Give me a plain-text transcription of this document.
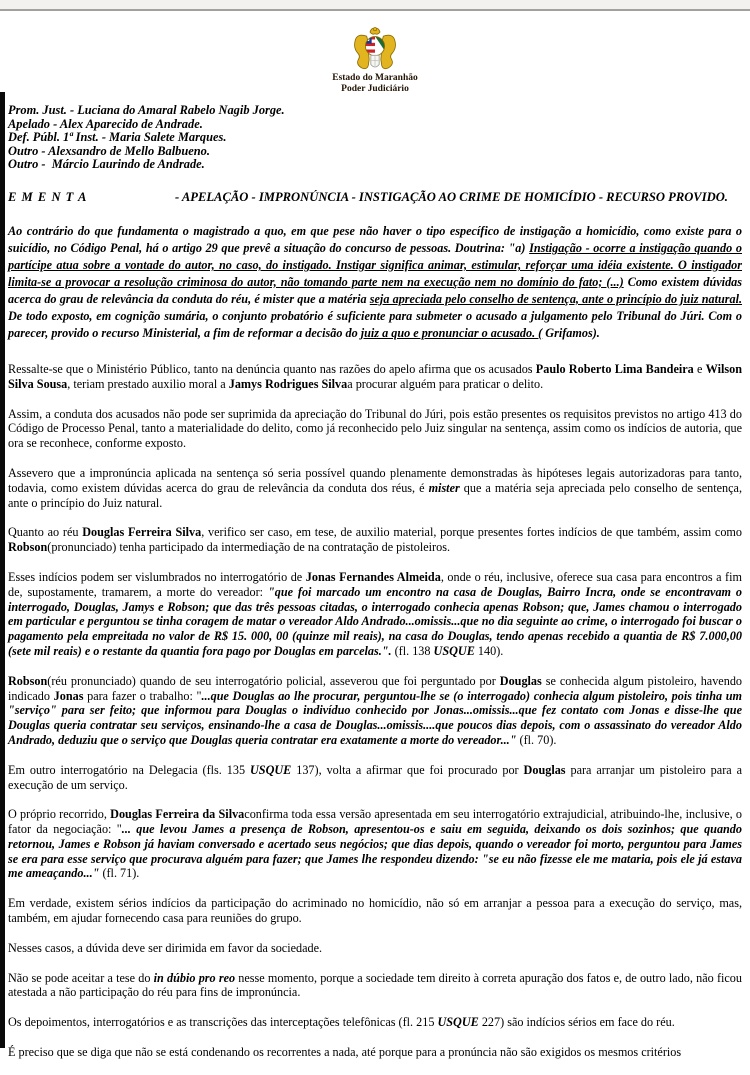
Estado do Maranhão
Poder Judiciário
Prom. Just. - Luciana do Amaral Rabelo Nagib Jorge.
Apelado - Alex Aparecido de Andrade.
Def. Públ. 1ª Inst. - Maria Salete Marques.
Outro - Alexsandro de Mello Balbueno.
Outro -  Márcio Laurindo de Andrade.
E M E N T A	- APELAÇÃO - IMPRONÚNCIA - INSTIGAÇÃO AO CRIME DE HOMICÍDIO - RECURSO PROVIDO.

Ao contrário do que fundamenta o magistrado a quo, em que pese não haver o tipo específico de instigação a homicídio, como existe para o suicídio, no Código Penal, há o artigo 29 que prevê a situação do concurso de pessoas. Doutrina: "a) Instigação - ocorre a instigação quando o partícipe atua sobre a vontade do autor, no caso, do instigado. Instigar significa animar, estimular, reforçar uma idéia existente. O instigador limita-se a provocar a resolução criminosa do autor, não tomando parte nem na execução nem no domínio do fato; (...) Como existem dúvidas acerca do grau de relevância da conduta do réu, é mister que a matéria seja apreciada pelo conselho de sentença, ante o princípio do juiz natural. De todo exposto, em cognição sumária, o conjunto probatório é suficiente para submeter o acusado a julgamento pelo Tribunal do Júri. Com o parecer, provido o recurso Ministerial, a fim de reformar a decisão do juiz a quo e pronunciar o acusado. ( Grifamos).

Ressalte-se que o Ministério Público, tanto na denúncia quanto nas razões do apelo afirma que os acusados Paulo Roberto Lima Bandeira e Wilson Silva Sousa, teriam prestado auxilio moral a Jamys Rodrigues Silvaa procurar alguém para praticar o delito.

Assim, a conduta dos acusados não pode ser suprimida da apreciação do Tribunal do Júri, pois estão presentes os requisitos previstos no artigo 413 do Código de Processo Penal, tanto a materialidade do delito, como já reconhecido pelo Juiz singular na sentença, assim como os indícios de autoria, que ora se reconhece, conforme exposto.

Assevero que a impronúncia aplicada na sentença só seria possível quando plenamente demonstradas às hipóteses legais autorizadoras para tanto, todavia, como existem dúvidas acerca do grau de relevância da conduta dos réus, é mister que a matéria seja apreciada pelo conselho de sentença, ante o princípio do Juiz natural.

Quanto ao réu Douglas Ferreira Silva, verifico ser caso, em tese, de auxilio material, porque presentes fortes indícios de que também, assim como Robson(pronunciado) tenha participado da intermediação de na contratação de pistoleiros.

Esses indícios podem ser vislumbrados no interrogatório de Jonas Fernandes Almeida, onde o réu, inclusive, oferece sua casa para encontros a fim de, supostamente, tramarem, a morte do vereador: "que foi marcado um encontro na casa de Douglas, Bairro Incra, onde se encontravam o interrogado, Douglas, Jamys e Robson; que das três pessoas citadas, o interrogado conhecia apenas Robson; que, James chamou o interrogado em particular e perguntou se tinha coragem de matar o vereador Aldo Andrado...omissis...que no dia seguinte ao crime, o interrogado foi buscar o pagamento pela empreitada no valor de R$ 15. 000, 00 (quinze mil reais), na casa do Douglas, tendo apenas recebido a quantia de R$ 7.000,00 (sete mil reais) e o restante da quantia fora pago por Douglas em parcelas.". (fl. 138 USQUE 140).

Robson(réu pronunciado) quando de seu interrogatório policial, asseverou que foi perguntado por Douglas se conhecida algum pistoleiro, havendo indicado Jonas para fazer o trabalho: "...que Douglas ao lhe procurar, perguntou-lhe se (o interrogado) conhecia algum pistoleiro, pois tinha um "serviço" para ser feito; que informou para Douglas o indivíduo conhecido por Jonas...omissis...que fez contato com Jonas e disse-lhe que Douglas queria contratar seu serviços, ensinando-lhe a casa de Douglas...omissis....que poucos dias depois, com o assassinato do vereador Aldo Andrado, deduziu que o serviço que Douglas queria contratar era exatamente a morte do vereador..." (fl. 70).

Em outro interrogatório na Delegacia (fls. 135 USQUE 137), volta a afirmar que foi procurado por Douglas para arranjar um pistoleiro para a execução de um serviço.

O próprio recorrido, Douglas Ferreira da Silvaconfirma toda essa versão apresentada em seu interrogatório extrajudicial, atribuindo-lhe, inclusive, o fator da negociação: "... que levou James a presença de Robson, apresentou-os e saiu em seguida, deixando os dois sozinhos; que quando retornou, James e Robson já haviam conversado e acertado seus negócios; que dias depois, quando o vereador foi morto, perguntou para James se era para esse serviço que procurava alguém para fazer; que James lhe respondeu dizendo: "se eu não fizesse ele me mataria, pois ele já estava me ameaçando..." (fl. 71).

Em verdade, existem sérios indícios da participação do acriminado no homicídio, não só em arranjar a pessoa para a execução do serviço, mas, também, em ajudar fornecendo casa para reuniões do grupo.

Nesses casos, a dúvida deve ser dirimida em favor da sociedade.

Não se pode aceitar a tese do in dúbio pro reo nesse momento, porque a sociedade tem direito à correta apuração dos fatos e, de outro lado, não ficou atestada a não participação do réu para fins de impronúncia.

Os depoimentos, interrogatórios e as transcrições das interceptações telefônicas (fl. 215 USQUE 227) são indícios sérios em face do réu.

É preciso que se diga que não se está condenando os recorrentes a nada, até porque para a pronúncia não são exigidos os mesmos critérios
